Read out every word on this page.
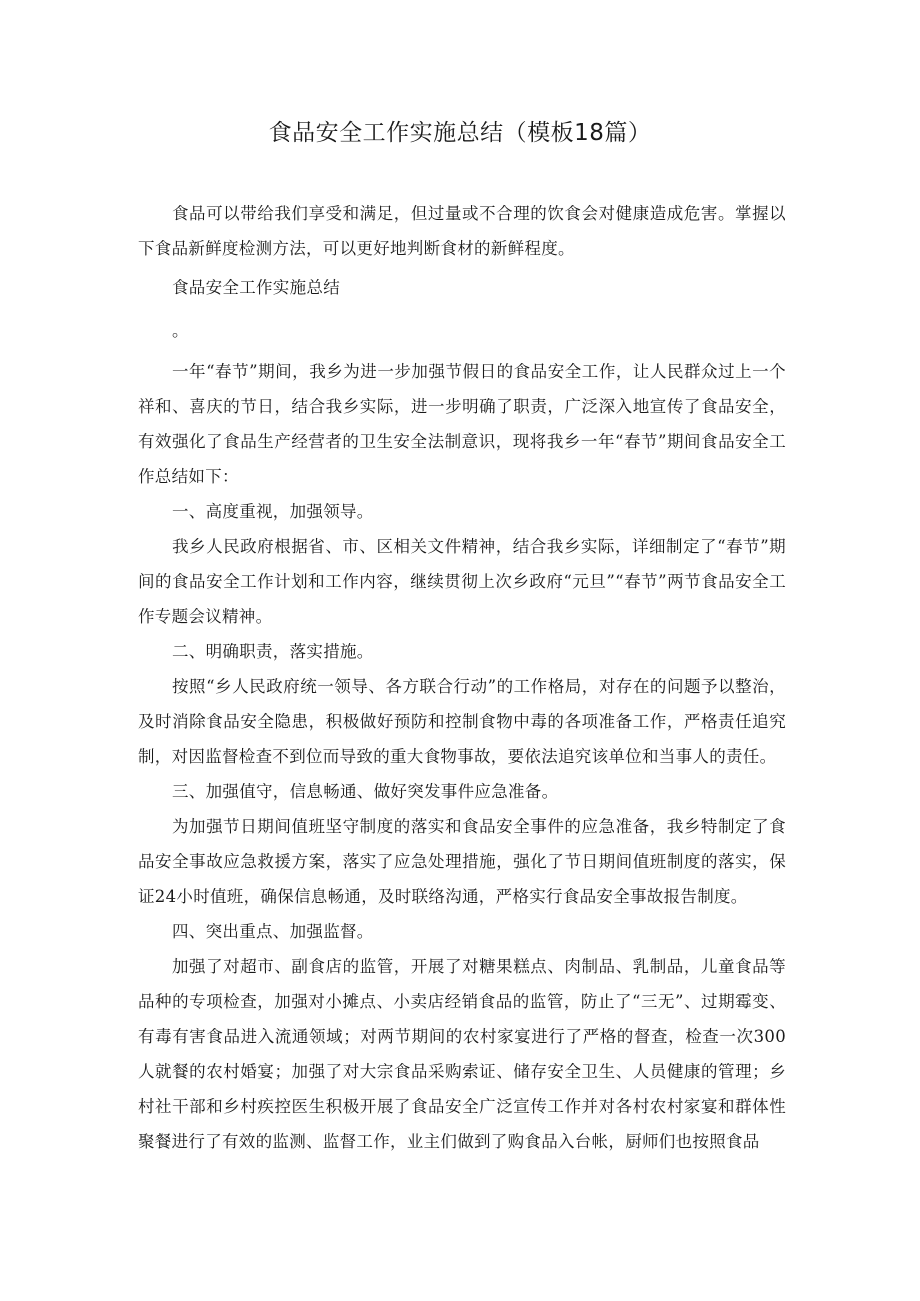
食品安全工作实施总结（模板18篇）

食品可以带给我们享受和满足，但过量或不合理的饮食会对健康造成危害。掌握以下食品新鲜度检测方法，可以更好地判断食材的新鲜程度。

食品安全工作实施总结

。

一年“春节”期间，我乡为进一步加强节假日的食品安全工作，让人民群众过上一个祥和、喜庆的节日，结合我乡实际，进一步明确了职责，广泛深入地宣传了食品安全，有效强化了食品生产经营者的卫生安全法制意识，现将我乡一年“春节”期间食品安全工作总结如下：

一、高度重视，加强领导。

我乡人民政府根据省、市、区相关文件精神，结合我乡实际，详细制定了“春节”期间的食品安全工作计划和工作内容，继续贯彻上次乡政府“元旦”“春节”两节食品安全工作专题会议精神。

二、明确职责，落实措施。

按照“乡人民政府统一领导、各方联合行动”的工作格局，对存在的问题予以整治，及时消除食品安全隐患，积极做好预防和控制食物中毒的各项准备工作，严格责任追究制，对因监督检查不到位而导致的重大食物事故，要依法追究该单位和当事人的责任。

三、加强值守，信息畅通、做好突发事件应急准备。

为加强节日期间值班坚守制度的落实和食品安全事件的应急准备，我乡特制定了食品安全事故应急救援方案，落实了应急处理措施，强化了节日期间值班制度的落实，保证24小时值班，确保信息畅通，及时联络沟通，严格实行食品安全事故报告制度。

四、突出重点、加强监督。

加强了对超市、副食店的监管，开展了对糖果糕点、肉制品、乳制品，儿童食品等品种的专项检查，加强对小摊点、小卖店经销食品的监管，防止了“三无”、过期霉变、有毒有害食品进入流通领域；对两节期间的农村家宴进行了严格的督查，检查一次300人就餐的农村婚宴；加强了对大宗食品采购索证、储存安全卫生、人员健康的管理；乡村社干部和乡村疾控医生积极开展了食品安全广泛宣传工作并对各村农村家宴和群体性聚餐进行了有效的监测、监督工作，业主们做到了购食品入台帐，厨师们也按照食品
